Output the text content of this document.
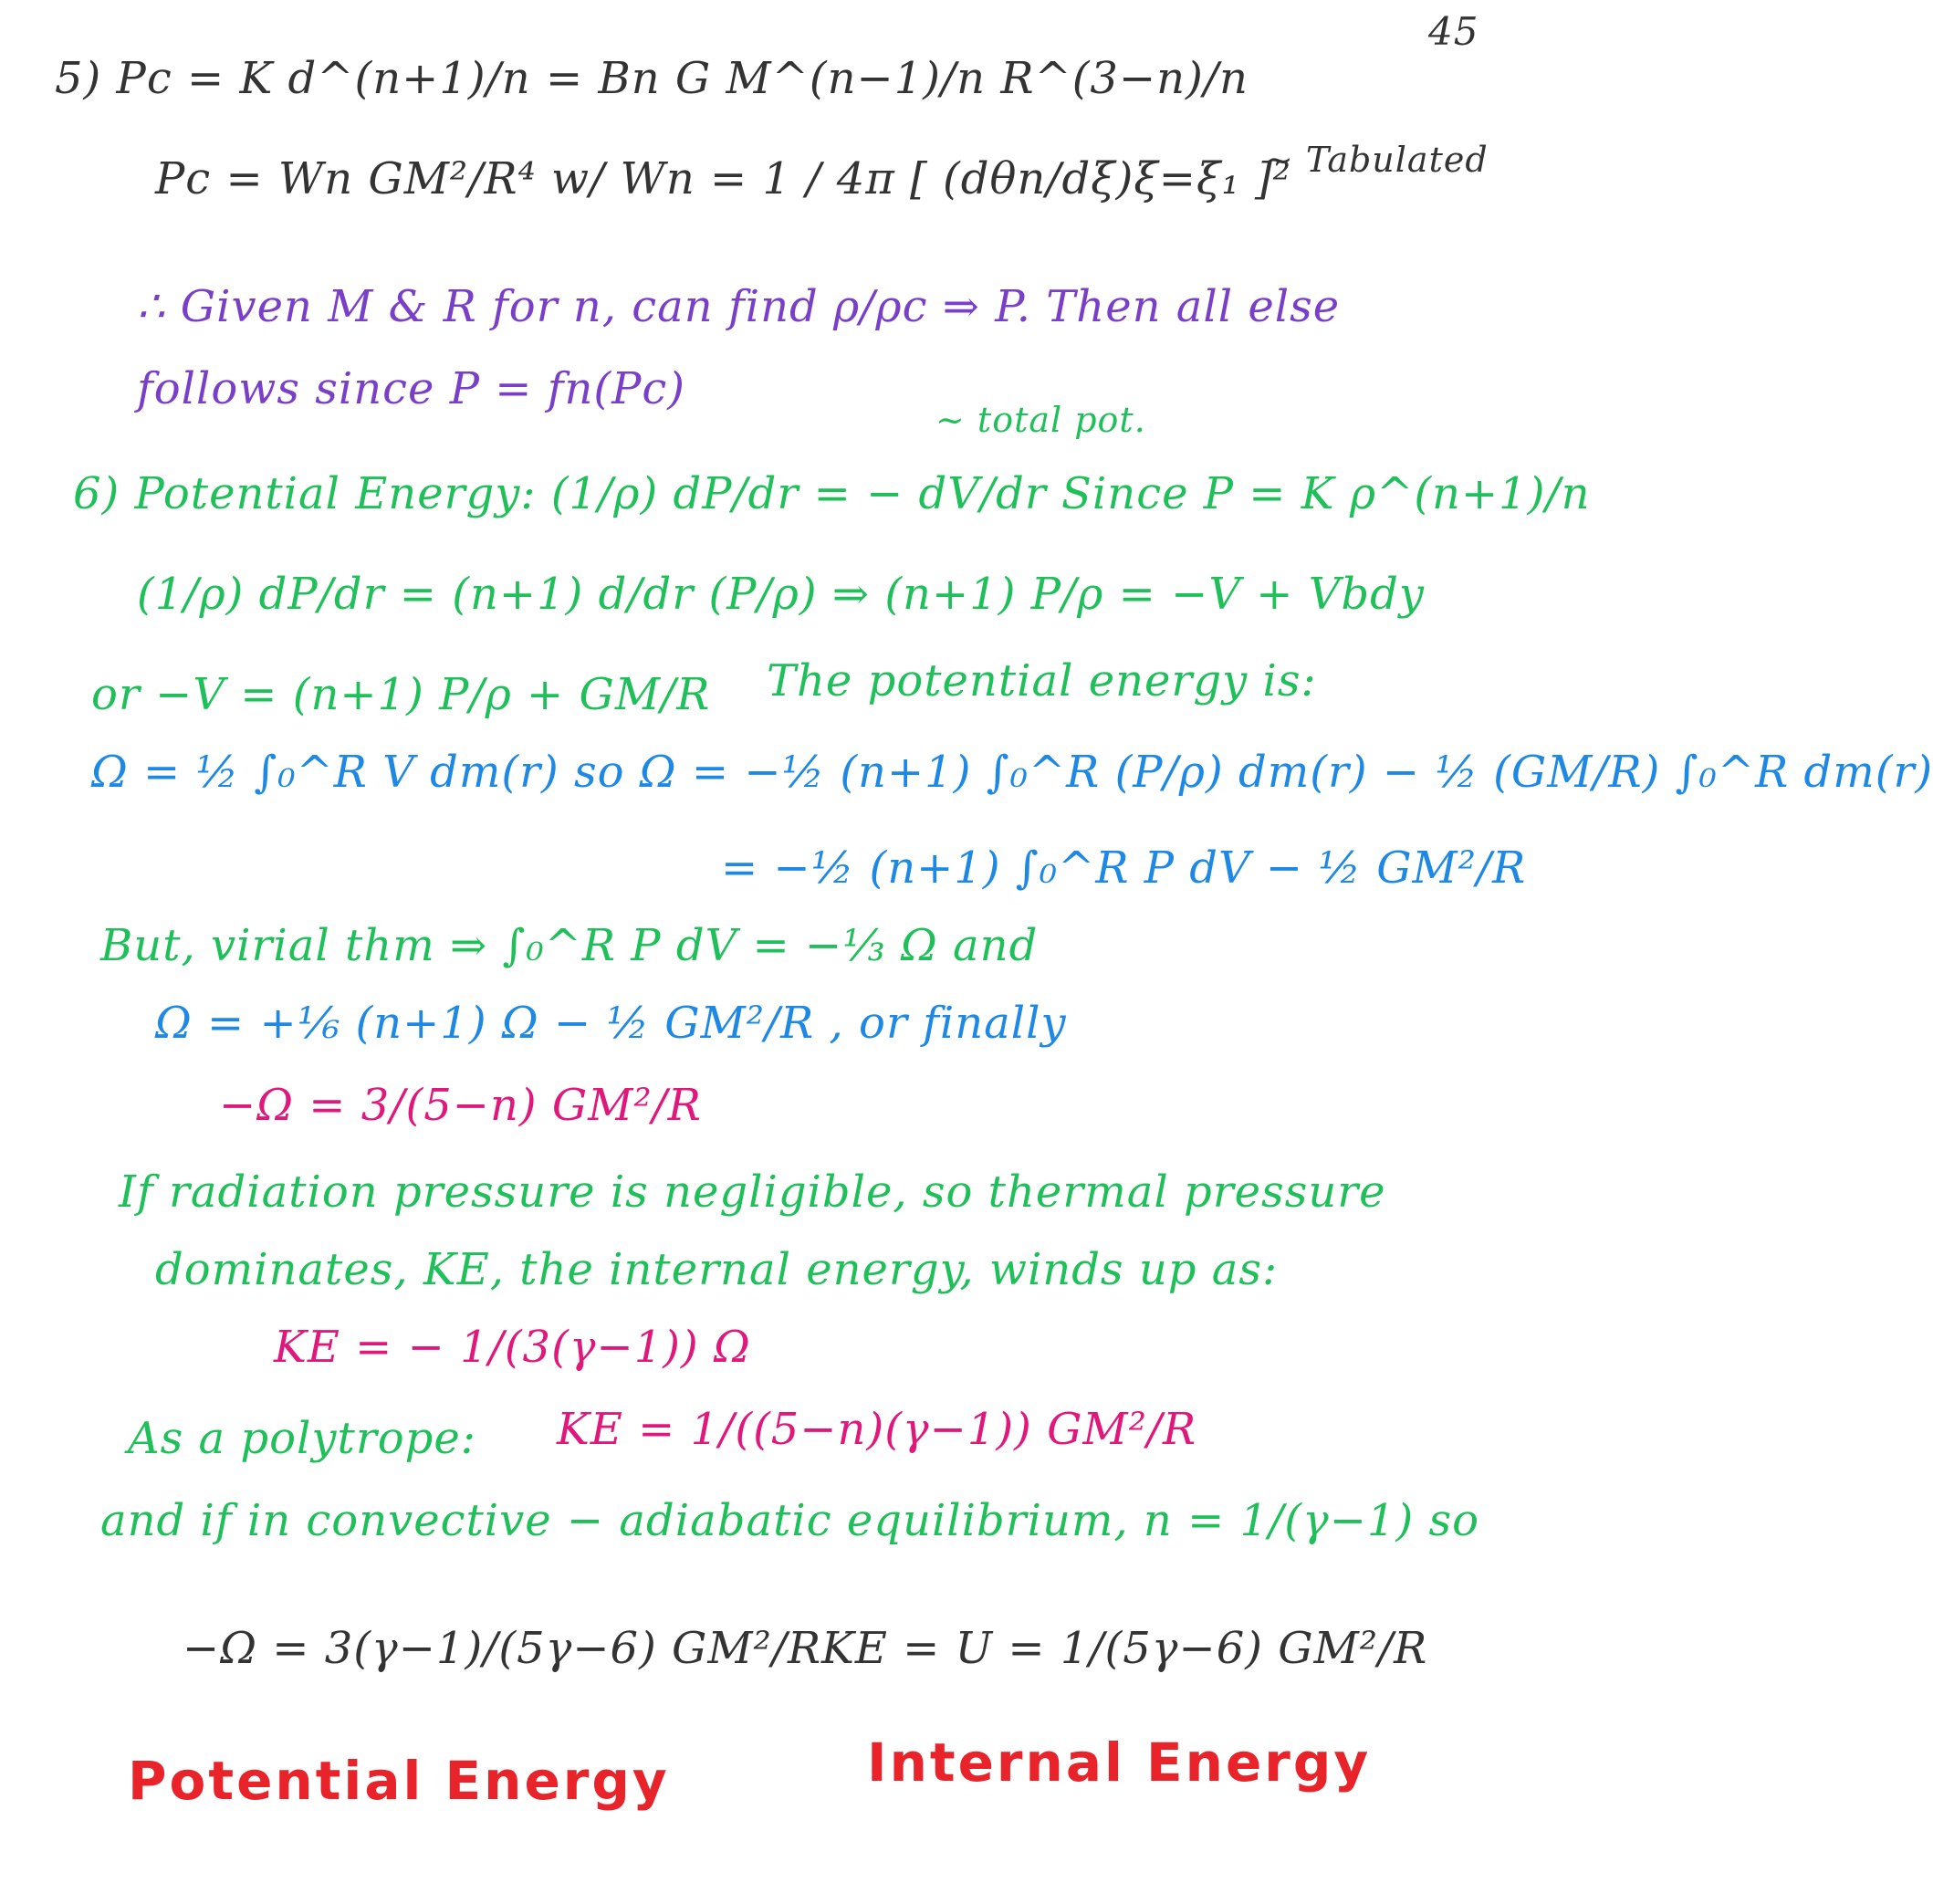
45
5) Pc = K d^(n+1)/n = Bn G M^(n−1)/n R^(3−n)/n
Pc = Wn GM²/R⁴ w/ Wn = 1 / 4π [ (dθn/dξ)ξ=ξ₁ ]²
~ Tabulated
∴ Given M & R for n, can find ρ/ρc ⇒ P. Then all else
follows since P = fn(Pc)
~ total pot.
6) Potential Energy: (1/ρ) dP/dr = − dV/dr Since P = K ρ^(n+1)/n
(1/ρ) dP/dr = (n+1) d/dr (P/ρ) ⇒ (n+1) P/ρ = −V + Vbdy
or −V = (n+1) P/ρ + GM/R The potential energy is:
Ω = ½ ∫₀^R V dm(r) so Ω = −½ (n+1) ∫₀^R (P/ρ) dm(r) − ½ (GM/R) ∫₀^R dm(r)
= −½ (n+1) ∫₀^R P dV − ½ GM²/R
But, virial thm ⇒ ∫₀^R P dV = −⅓ Ω and
Ω = +⅙ (n+1) Ω − ½ GM²/R , or finally
−Ω = 3/(5−n) GM²/R
If radiation pressure is negligible, so thermal pressure
dominates, KE, the internal energy, winds up as:
KE = − 1/(3(γ−1)) Ω
As a polytrope: KE = 1/((5−n)(γ−1)) GM²/R
and if in convective − adiabatic equilibrium, n = 1/(γ−1) so
−Ω = 3(γ−1)/(5γ−6) GM²/R KE = U = 1/(5γ−6) GM²/R
Potential Energy	Internal Energy
